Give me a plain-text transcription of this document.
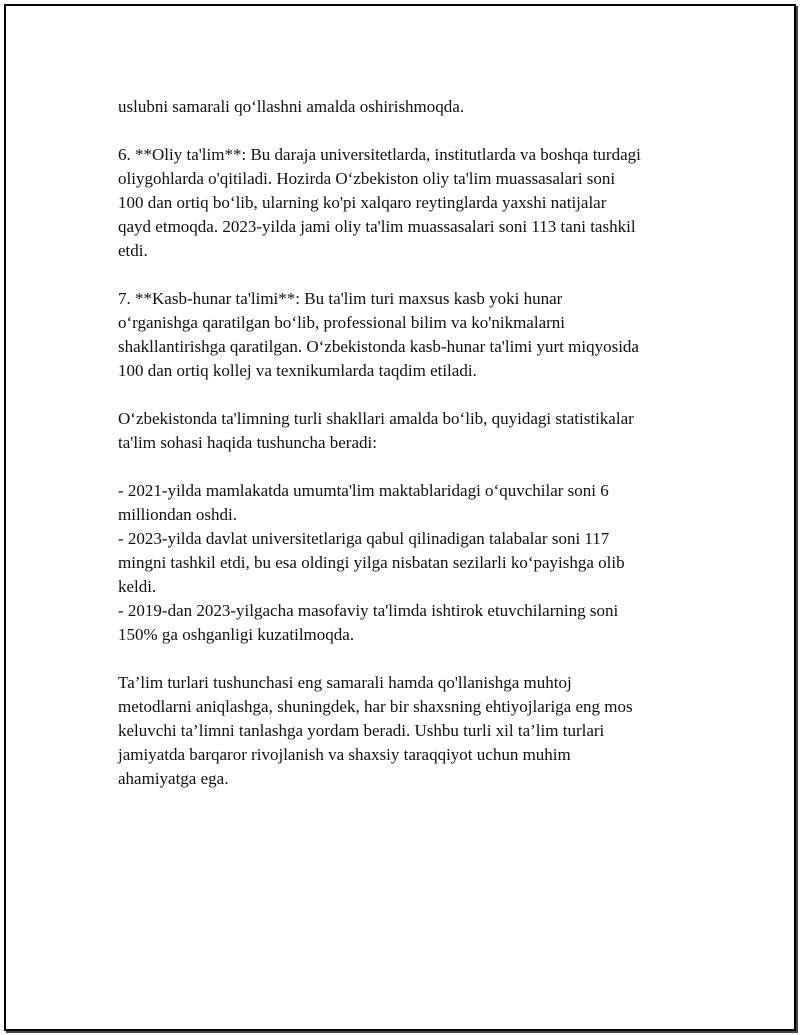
uslubni samarali qo‘llashni amalda oshirishmoqda.

6. **Oliy ta'lim**: Bu daraja universitetlarda, institutlarda va boshqa turdagi
oliygohlarda o'qitiladi. Hozirda O‘zbekiston oliy ta'lim muassasalari soni
100 dan ortiq bo‘lib, ularning ko'pi xalqaro reytinglarda yaxshi natijalar
qayd etmoqda. 2023-yilda jami oliy ta'lim muassasalari soni 113 tani tashkil
etdi.

7. **Kasb-hunar ta'limi**: Bu ta'lim turi maxsus kasb yoki hunar
o‘rganishga qaratilgan bo‘lib, professional bilim va ko'nikmalarni
shakllantirishga qaratilgan. O‘zbekistonda kasb-hunar ta'limi yurt miqyosida
100 dan ortiq kollej va texnikumlarda taqdim etiladi.

O‘zbekistonda ta'limning turli shakllari amalda bo‘lib, quyidagi statistikalar
ta'lim sohasi haqida tushuncha beradi:

- 2021-yilda mamlakatda umumta'lim maktablaridagi o‘quvchilar soni 6
milliondan oshdi.
- 2023-yilda davlat universitetlariga qabul qilinadigan talabalar soni 117
mingni tashkil etdi, bu esa oldingi yilga nisbatan sezilarli ko‘payishga olib
keldi.
- 2019-dan 2023-yilgacha masofaviy ta'limda ishtirok etuvchilarning soni
150% ga oshganligi kuzatilmoqda.

Ta’lim turlari tushunchasi eng samarali hamda qo'llanishga muhtoj
metodlarni aniqlashga, shuningdek, har bir shaxsning ehtiyojlariga eng mos
keluvchi ta’limni tanlashga yordam beradi. Ushbu turli xil ta’lim turlari
jamiyatda barqaror rivojlanish va shaxsiy taraqqiyot uchun muhim
ahamiyatga ega.
